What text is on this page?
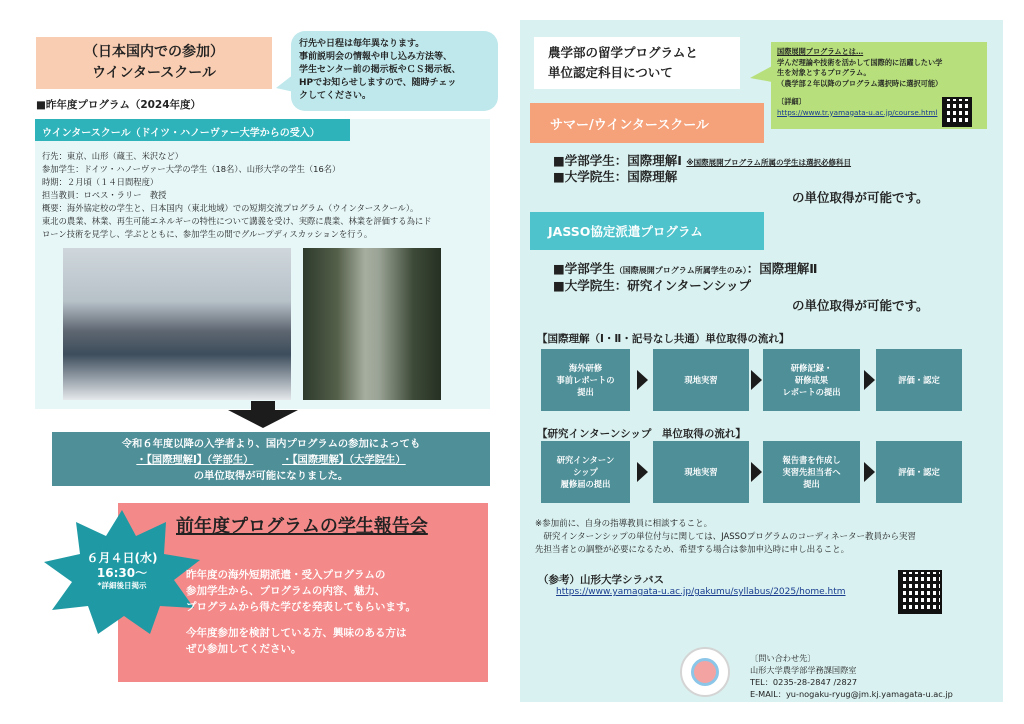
（日本国内での参加）
ウインタースクール
行先や日程は毎年異なります。
事前説明会の情報や申し込み方法等、
学生センター前の掲示板やＣＳ掲示板、
HPでお知らせしますので、随時チェッ
クしてください。
■昨年度プログラム（2024年度）
ウインタースクール（ドイツ・ハノーヴァー大学からの受入）
行先：東京、山形（蔵王、米沢など）
参加学生：ドイツ・ハノーヴァー大学の学生（18名）、山形大学の学生（16名）
時期：２月頃（１４日間程度）
担当教員：ロペス・ラリー　教授
概要：海外協定校の学生と、日本国内（東北地域）での短期交流プログラム（ウインタースクール）。
東北の農業、林業、再生可能エネルギーの特性について講義を受け、実際に農業、林業を評価する為にド
ローン技術を見学し、学ぶとともに、参加学生の間でグループディスカッションを行う。
令和６年度以降の入学者より、国内プログラムの参加によっても
・【国際理解Ⅰ】（学部生）	・【国際理解】（大学院生）
の単位取得が可能になりました。
前年度プログラムの学生報告会
６月４日(水)
16:30〜
*詳細後日掲示

昨年度の海外短期派遣・受入プログラムの
参加学生から、プログラムの内容、魅力、
プログラムから得た学びを発表してもらいます。

今年度参加を検討している方、興味のある方は
ぜひ参加してください。

農学部の留学プログラムと
単位認定科目について
国際展開プログラムとは…
学んだ理論や技術を活かして国際的に活躍したい学
生を対象とするプログラム。
（農学部２年以降のプログラム選択時に選択可能）
〔詳細〕
https://www.tr.yamagata-u.ac.jp/course.html
サマー/ウインタースクール
■学部学生：国際理解Ⅰ ※国際展開プログラム所属の学生は選択必修科目
■大学院生：国際理解
の単位取得が可能です。
JASSO協定派遣プログラム
■学部学生（国際展開プログラム所属学生のみ）：国際理解Ⅱ
■大学院生：研究インターンシップ
の単位取得が可能です。
【国際理解（Ⅰ・Ⅱ・記号なし共通）単位取得の流れ】
海外研修
事前レポートの
提出
現地実習
研修記録・
研修成果
レポートの提出
評価・認定
【研究インターンシップ　単位取得の流れ】
研究インターン
シップ
履修届の提出
現地実習
報告書を作成し
実習先担当者へ
提出
評価・認定
※参加前に、自身の指導教員に相談すること。
　研究インターンシップの単位付与に関しては、JASSOプログラムのコーディネーター教員から実習
先担当者との調整が必要になるため、希望する場合は参加申込時に申し出ること。
（参考）山形大学シラバス
https://www.yamagata-u.ac.jp/gakumu/syllabus/2025/home.htm
〔問い合わせ先〕
山形大学農学部学務課国際室
TEL：0235-28-2847 /2827
E-MAIL：yu-nogaku-ryug@jm.kj.yamagata-u.ac.jp
